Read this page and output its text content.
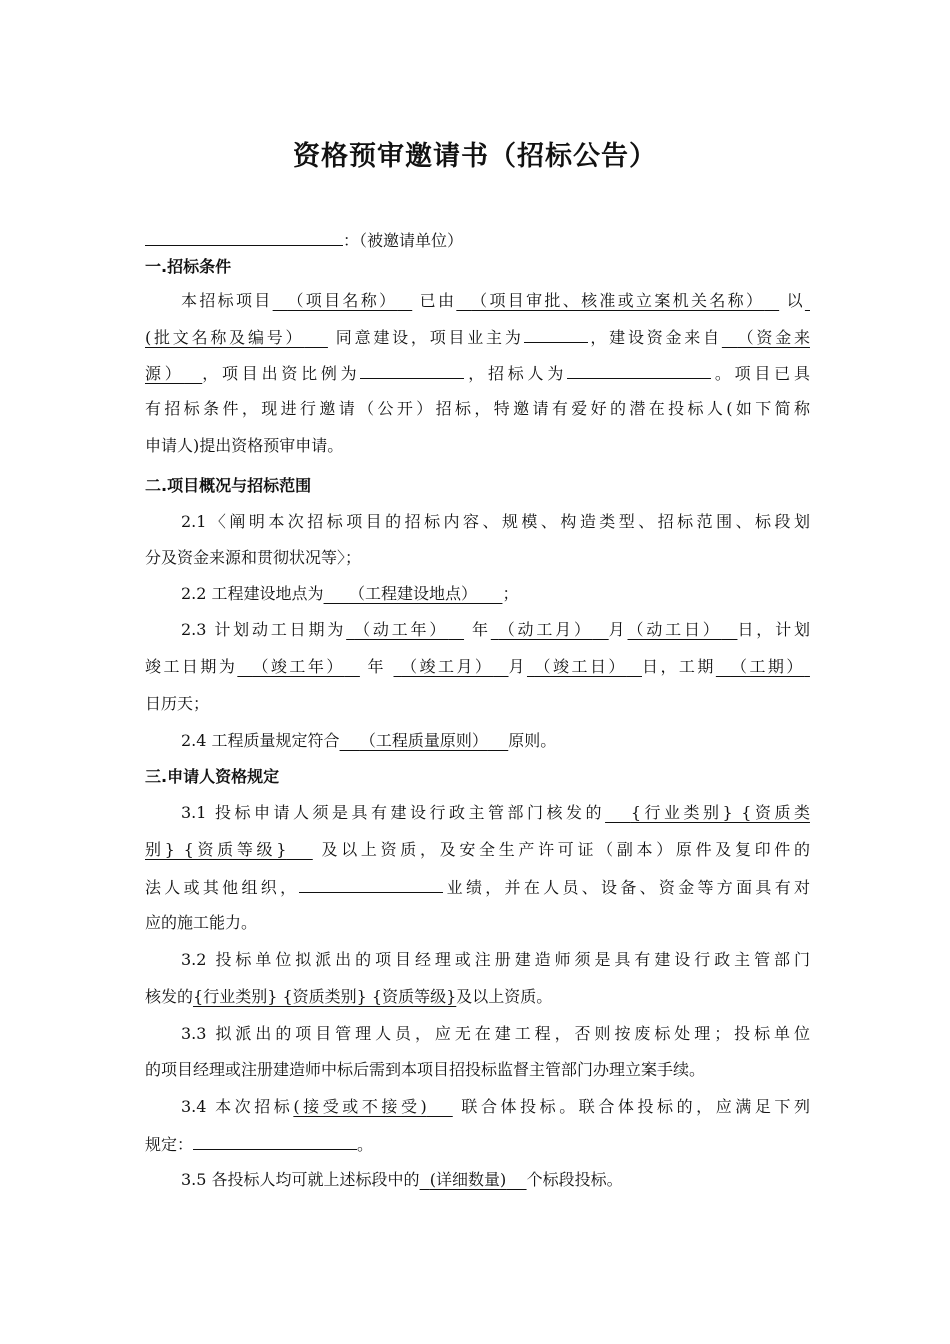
资格预审邀请书（招标公告）
：（被邀请单位）
一.招标条件
本招标项目 （项目名称） 已由 （项目审批、核准或立案机关名称） 以
(批文名称及编号） 同意建设，项目业主为	，建设资金来自 （资金来
源） ，项目出资比例为	，招标人为	。项目已具
有招标条件，现进行邀请（公开）招标，特邀请有爱好的潜在投标人(如下简称
申请人)提出资格预审申请。
二.项目概况与招标范围
2.1〈阐明本次招标项目的招标内容、规模、构造类型、招标范围、标段划
分及资金来源和贯彻状况等〉；
2.2 工程建设地点为 （工程建设地点） ；
2.3 计划动工日期为 （动工年） 年 （动工月） 月（动工日） 日，计划
竣工日期为 （竣工年） 年 （竣工月） 月 （竣工日） 日，工期 （工期）
日历天；
2.4 工程质量规定符合 （工程质量原则） 原则。
三.申请人资格规定
3.1 投标申请人须是具有建设行政主管部门核发的 {行业类别} {资质类
别} {资质等级} 及以上资质，及安全生产许可证（副本）原件及复印件的
法人或其他组织，	业绩，并在人员、设备、资金等方面具有对
应的施工能力。
3.2 投标单位拟派出的项目经理或注册建造师须是具有建设行政主管部门
核发的{行业类别} {资质类别} {资质等级}及以上资质。
3.3 拟派出的项目管理人员，应无在建工程，否则按废标处理；投标单位
的项目经理或注册建造师中标后需到本项目招投标监督主管部门办理立案手续。
3.4 本次招标(接受或不接受) 联合体投标。联合体投标的，应满足下列
规定：	。
3.5 各投标人均可就上述标段中的 (详细数量) 个标段投标。
